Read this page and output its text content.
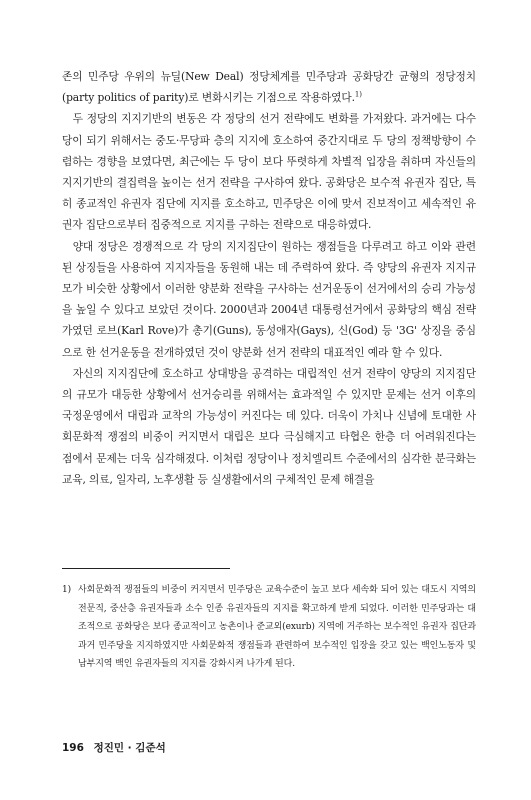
존의 민주당 우위의 뉴딜(New Deal) 정당체계를 민주당과 공화당간 균형의 정당정치(party politics of parity)로 변화시키는 기점으로 작용하였다.$^{1)}$

두 정당의 지지기반의 변동은 각 정당의 선거 전략에도 변화를 가져왔다. 과거에는 다수당이 되기 위해서는 중도·무당파 층의 지지에 호소하여 중간지대로 두 당의 정책방향이 수렴하는 경향을 보였다면, 최근에는 두 당이 보다 뚜렷하게 차별적 입장을 취하며 자신들의 지지기반의 결집력을 높이는 선거 전략을 구사하여 왔다. 공화당은 보수적 유권자 집단, 특히 종교적인 유권자 집단에 지지를 호소하고, 민주당은 이에 맞서 진보적이고 세속적인 유권자 집단으로부터 집중적으로 지지를 구하는 전략으로 대응하였다.

양대 정당은 경쟁적으로 각 당의 지지집단이 원하는 쟁점들을 다루려고 하고 이와 관련된 상징들을 사용하여 지지자들을 동원해 내는 데 주력하여 왔다. 즉 양당의 유권자 지지규모가 비슷한 상황에서 이러한 양분화 전략을 구사하는 선거운동이 선거에서의 승리 가능성을 높일 수 있다고 보았던 것이다. 2000년과 2004년 대통령선거에서 공화당의 핵심 전략가였던 로브(Karl Rove)가 총기(Guns), 동성애자(Gays), 신(God) 등 '3G' 상징을 중심으로 한 선거운동을 전개하였던 것이 양분화 선거 전략의 대표적인 예라 할 수 있다.

자신의 지지집단에 호소하고 상대방을 공격하는 대립적인 선거 전략이 양당의 지지집단의 규모가 대등한 상황에서 선거승리를 위해서는 효과적일 수 있지만 문제는 선거 이후의 국정운영에서 대립과 교착의 가능성이 커진다는 데 있다. 더욱이 가치나 신념에 토대한 사회문화적 쟁점의 비중이 커지면서 대립은 보다 극심해지고 타협은 한층 더 어려워진다는 점에서 문제는 더욱 심각해졌다. 이처럼 정당이나 정치엘리트 수준에서의 심각한 분극화는 교육, 의료, 일자리, 노후생활 등 실생활에서의 구체적인 문제 해결을

1) 사회문화적 쟁점들의 비중이 커지면서 민주당은 교육수준이 높고 보다 세속화 되어 있는 대도시 지역의 전문직, 중산층 유권자들과 소수 인종 유권자들의 지지를 확고하게 받게 되었다. 이러한 민주당과는 대조적으로 공화당은 보다 종교적이고 농촌이나 준교외(exurb) 지역에 거주하는 보수적인 유권자 집단과 과거 민주당을 지지하였지만 사회문화적 쟁점들과 관련하여 보수적인 입장을 갖고 있는 백인노동자 및 남부지역 백인 유권자들의 지지를 강화시켜 나가게 된다.
196 정진민 · 김준석
